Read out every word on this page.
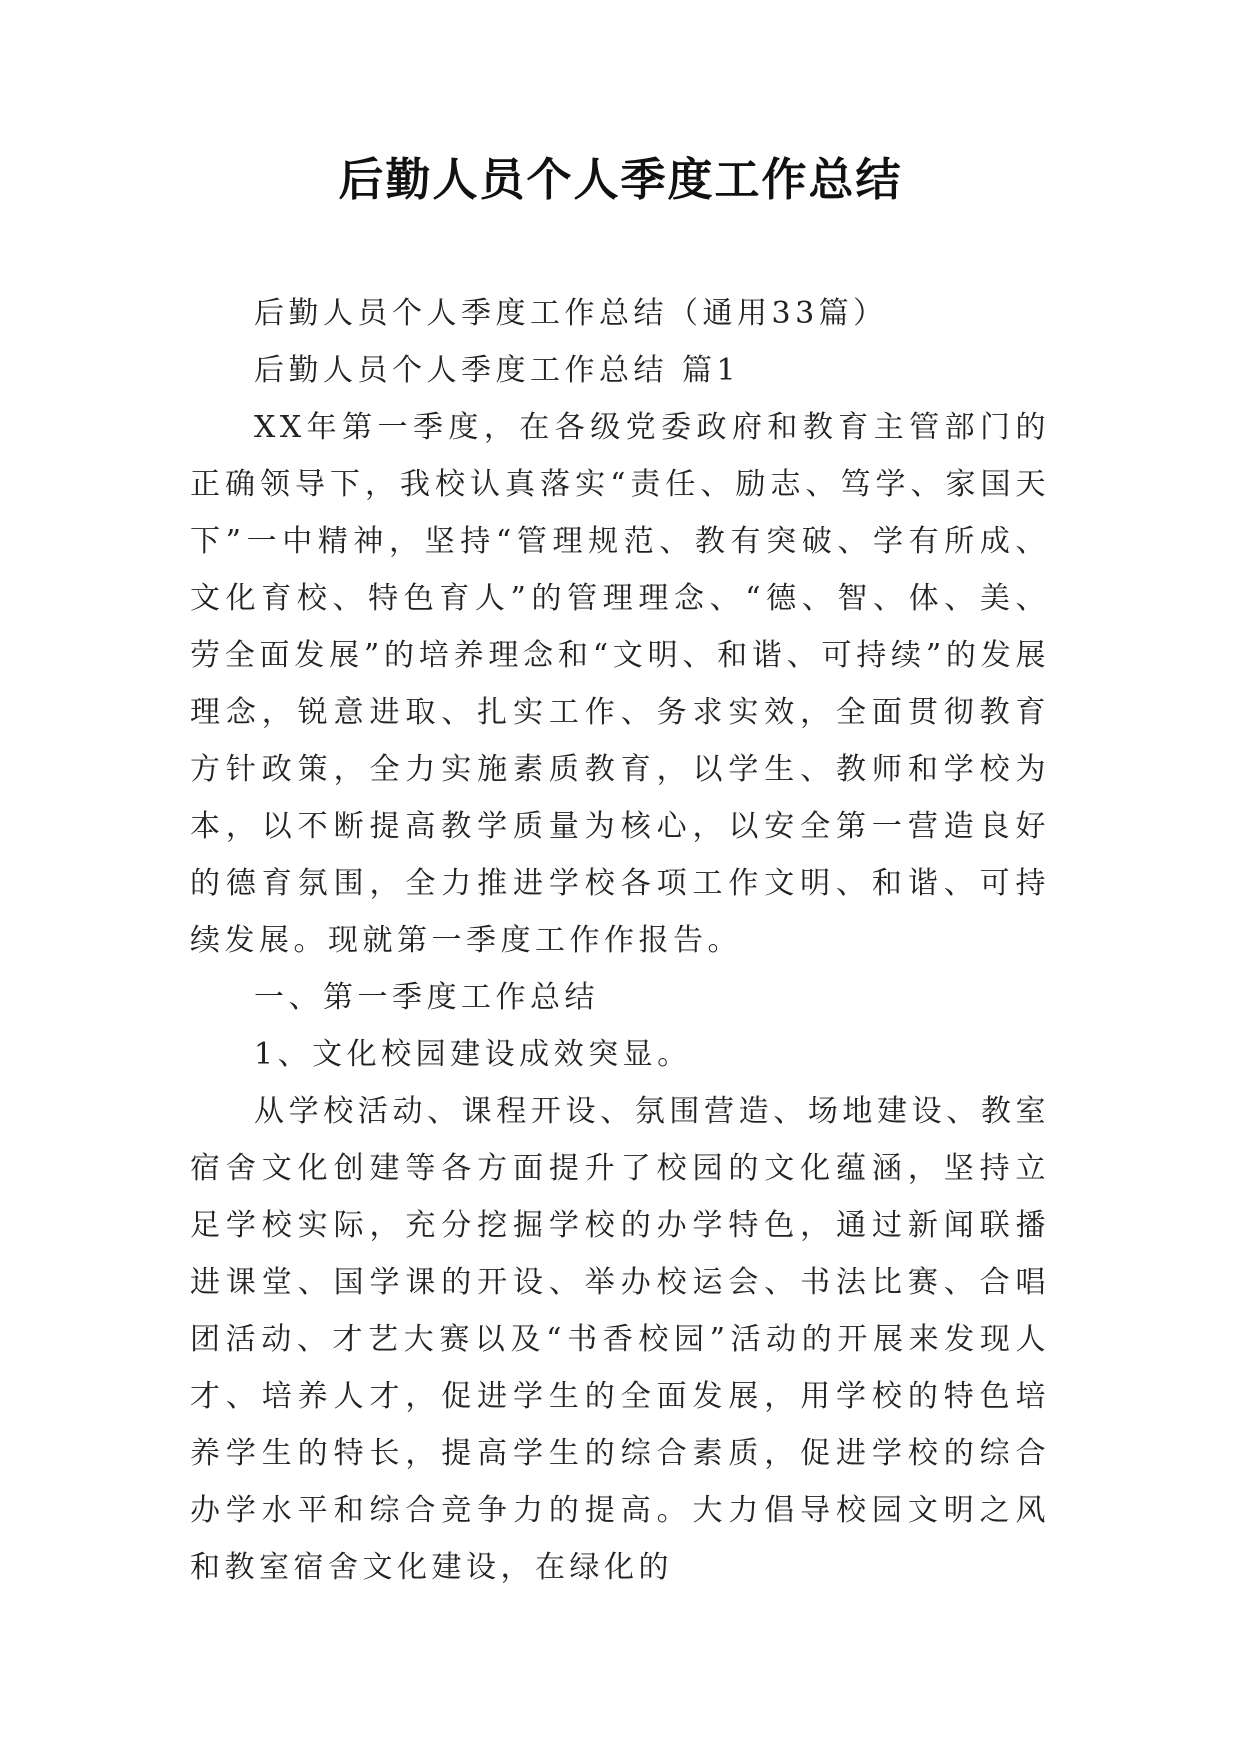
后勤人员个人季度工作总结

后勤人员个人季度工作总结（通用33篇）

后勤人员个人季度工作总结 篇1

XX年第一季度，在各级党委政府和教育主管部门的正确领导下，我校认真落实“责任、励志、笃学、家国天下”一中精神，坚持“管理规范、教有突破、学有所成、文化育校、特色育人”的管理理念、“德、智、体、美、劳全面发展”的培养理念和“文明、和谐、可持续”的发展理念，锐意进取、扎实工作、务求实效，全面贯彻教育方针政策，全力实施素质教育，以学生、教师和学校为本，以不断提高教学质量为核心，以安全第一营造良好的德育氛围，全力推进学校各项工作文明、和谐、可持续发展。现就第一季度工作作报告。

一、第一季度工作总结

1、文化校园建设成效突显。

从学校活动、课程开设、氛围营造、场地建设、教室宿舍文化创建等各方面提升了校园的文化蕴涵，坚持立足学校实际，充分挖掘学校的办学特色，通过新闻联播进课堂、国学课的开设、举办校运会、书法比赛、合唱团活动、才艺大赛以及“书香校园”活动的开展来发现人才、培养人才，促进学生的全面发展，用学校的特色培养学生的特长，提高学生的综合素质，促进学校的综合办学水平和综合竞争力的提高。大力倡导校园文明之风和教室宿舍文化建设，在绿化的
